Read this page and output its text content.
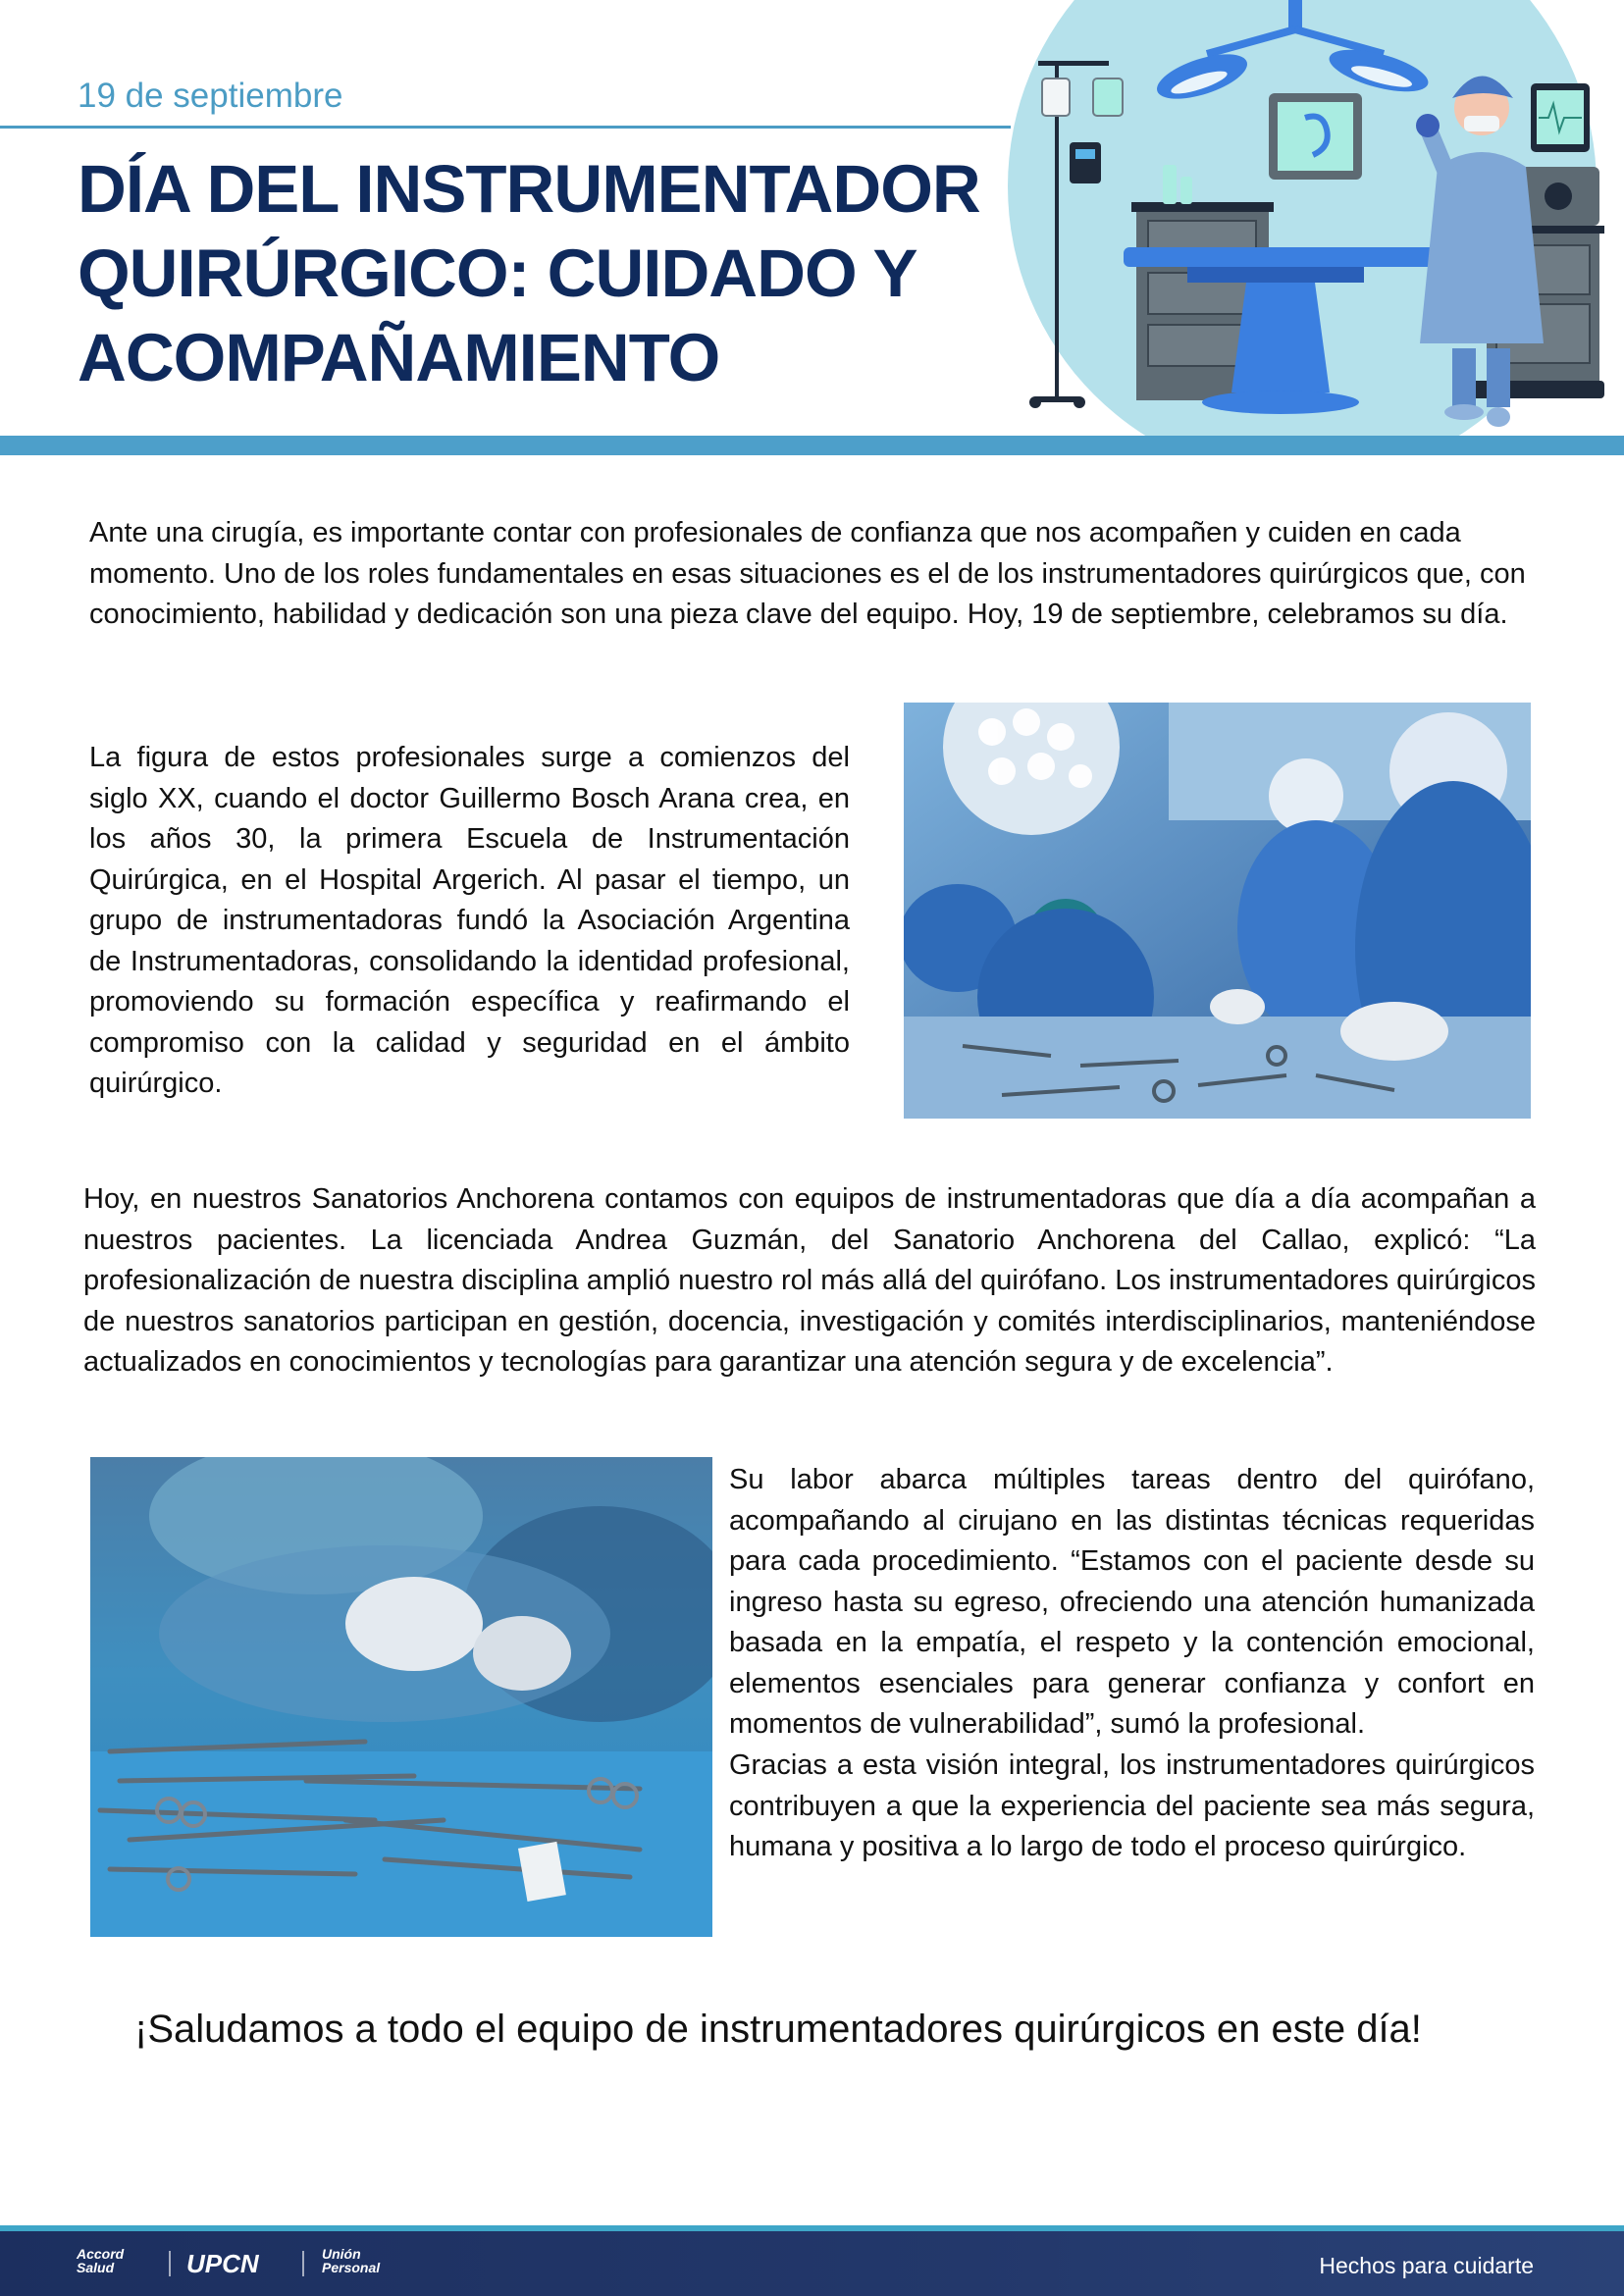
19 de septiembre
DÍA DEL INSTRUMENTADOR
QUIRÚRGICO: CUIDADO Y
ACOMPAÑAMIENTO

Ante una cirugía, es importante contar con profesionales de confianza que nos acompañen y cuiden en cada momento. Uno de los roles fundamentales en esas situaciones es el de los instrumentadores quirúrgicos que, con conocimiento, habilidad y dedicación son una pieza clave del equipo. Hoy, 19 de septiembre, celebramos su día.

La figura de estos profesionales surge a comienzos del siglo XX, cuando el doctor Guillermo Bosch Arana crea, en los años 30, la primera Escuela de Instrumentación Quirúrgica, en el Hospital Argerich. Al pasar el tiempo, un grupo de instrumentadoras fundó la Asociación Argentina de Instrumentadoras, consolidando la identidad profesional, promoviendo su formación específica y reafirmando el compromiso con la calidad y seguridad en el ámbito quirúrgico.

Hoy, en nuestros Sanatorios Anchorena contamos con equipos de instrumentadoras que día a día acompañan a nuestros pacientes. La licenciada Andrea Guzmán, del Sanatorio Anchorena del Callao, explicó: “La profesionalización de nuestra disciplina amplió nuestro rol más allá del quirófano. Los instrumentadores quirúrgicos de nuestros sanatorios participan en gestión, docencia, investigación y comités interdisciplinarios, manteniéndose actualizados en conocimientos y tecnologías para garantizar una atención segura y de excelencia”.

Su labor abarca múltiples tareas dentro del quirófano, acompañando al cirujano en las distintas técnicas requeridas para cada procedimiento. “Estamos con el paciente desde su ingreso hasta su egreso, ofreciendo una atención humanizada basada en la empatía, el respeto y la contención emocional, elementos esenciales para generar confianza y confort en momentos de vulnerabilidad”, sumó la profesional.

Gracias a esta visión integral, los instrumentadores quirúrgicos contribuyen a que la experiencia del paciente sea más segura, humana y positiva a lo largo de todo el proceso quirúrgico.

¡Saludamos a todo el equipo de instrumentadores quirúrgicos en este día!
Accord Salud	UPCN	Unión Personal	Hechos para cuidarte
